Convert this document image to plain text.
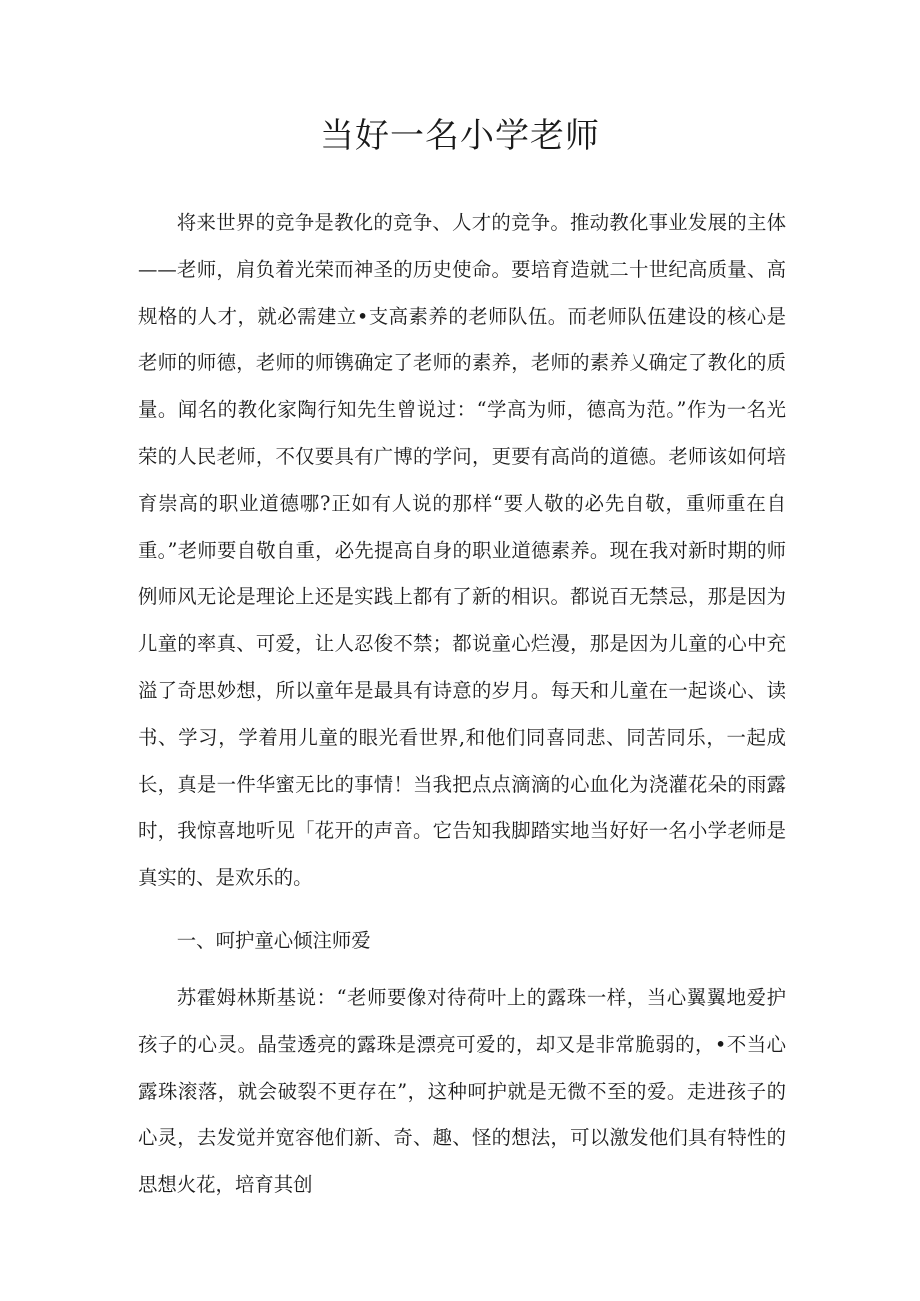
当好一名小学老师

将来世界的竞争是教化的竞争、人才的竞争。推动教化事业发展的主体——老师，肩负着光荣而神圣的历史使命。要培育造就二十世纪高质量、高规格的人才，就必需建立•支高素养的老师队伍。而老师队伍建设的核心是老师的师德，老师的师镌确定了老师的素养，老师的素养乂确定了教化的质量。闻名的教化家陶行知先生曾说过：“学高为师，德高为范。”作为一名光荣的人民老师，不仅要具有广博的学问，更要有高尚的道德。老师该如何培育崇高的职业道德哪?正如有人说的那样“要人敬的必先自敬，重师重在自重。”老师要自敬自重，必先提高自身的职业道德素养。现在我对新时期的师例师风无论是理论上还是实践上都有了新的相识。都说百无禁忌，那是因为儿童的率真、可爱，让人忍俊不禁；都说童心烂漫，那是因为儿童的心中充溢了奇思妙想，所以童年是最具有诗意的岁月。每天和儿童在一起谈心、读书、学习，学着用儿童的眼光看世界,和他们同喜同悲、同苦同乐，一起成长，真是一件华蜜无比的事情！当我把点点滴滴的心血化为浇灌花朵的雨露时，我惊喜地听见「花开的声音。它告知我脚踏实地当好好一名小学老师是真实的、是欢乐的。

一、呵护童心倾注师爱

苏霍姆林斯基说：“老师要像对待荷叶上的露珠一样，当心翼翼地爱护孩子的心灵。晶莹透亮的露珠是漂亮可爱的，却又是非常脆弱的，•不当心露珠滚落，就会破裂不更存在”，这种呵护就是无微不至的爱。走进孩子的心灵，去发觉并宽容他们新、奇、趣、怪的想法，可以激发他们具有特性的思想火花，培育其创
